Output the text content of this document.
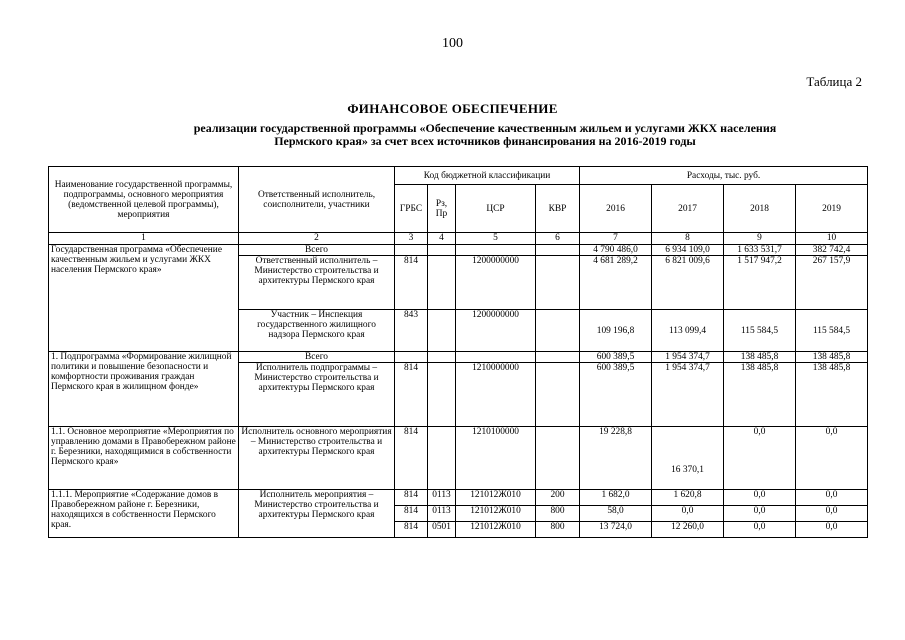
100
Таблица 2
ФИНАНСОВОЕ ОБЕСПЕЧЕНИЕ
реализации государственной программы «Обеспечение качественным жильем и услугами ЖКХ населения
Пермского края» за счет всех источников финансирования на 2016-2019 годы
Наименование государственной программы, подпрограммы, основного мероприятия (ведомственной целевой программы), мероприятия	Ответственный исполнитель, соисполнители, участники	Код бюджетной классификации				Расходы, тыс. руб.			
		ГРБС	Рз, Пр	ЦСР	КВР	2016	2017	2018	2019
1	2	3	4	5	6	7	8	9	10
Государственная программа «Обеспечение качественным жильем и услугами ЖКХ населения Пермского края»	Всего					4 790 486,0	6 934 109,0	1 633 531,7	382 742,4
	Ответственный исполнитель – Министерство строительства и архитектуры Пермского края	814		1200000000		4 681 289,2	6 821 009,6	1 517 947,2	267 157,9
	Участник – Инспекция государственного жилищного надзора Пермского края	843		1200000000		109 196,8	113 099,4	115 584,5	115 584,5
1. Подпрограмма «Формирование жилищной политики и повышение безопасности и комфортности проживания граждан Пермского края в жилищном фонде»	Всего					600 389,5	1 954 374,7	138 485,8	138 485,8
	Исполнитель подпрограммы – Министерство строительства и архитектуры Пермского края	814		1210000000		600 389,5	1 954 374,7	138 485,8	138 485,8
1.1. Основное мероприятие «Мероприятия по управлению домами в Правобережном районе г. Березники, находящимися в собственности Пермского края»	Исполнитель основного мероприятия – Министерство строительства и архитектуры Пермского края	814		1210100000		19 228,8	16 370,1	0,0	0,0
1.1.1. Мероприятие «Содержание домов в Правобережном районе г. Березники, находящихся в собственности Пермского края.	Исполнитель мероприятия – Министерство строительства и архитектуры Пермского края	814	0113	121012Ж010	200	1 682,0	1 620,8	0,0	0,0
		814	0113	121012Ж010	800	58,0	0,0	0,0	0,0
		814	0501	121012Ж010	800	13 724,0	12 260,0	0,0	0,0
